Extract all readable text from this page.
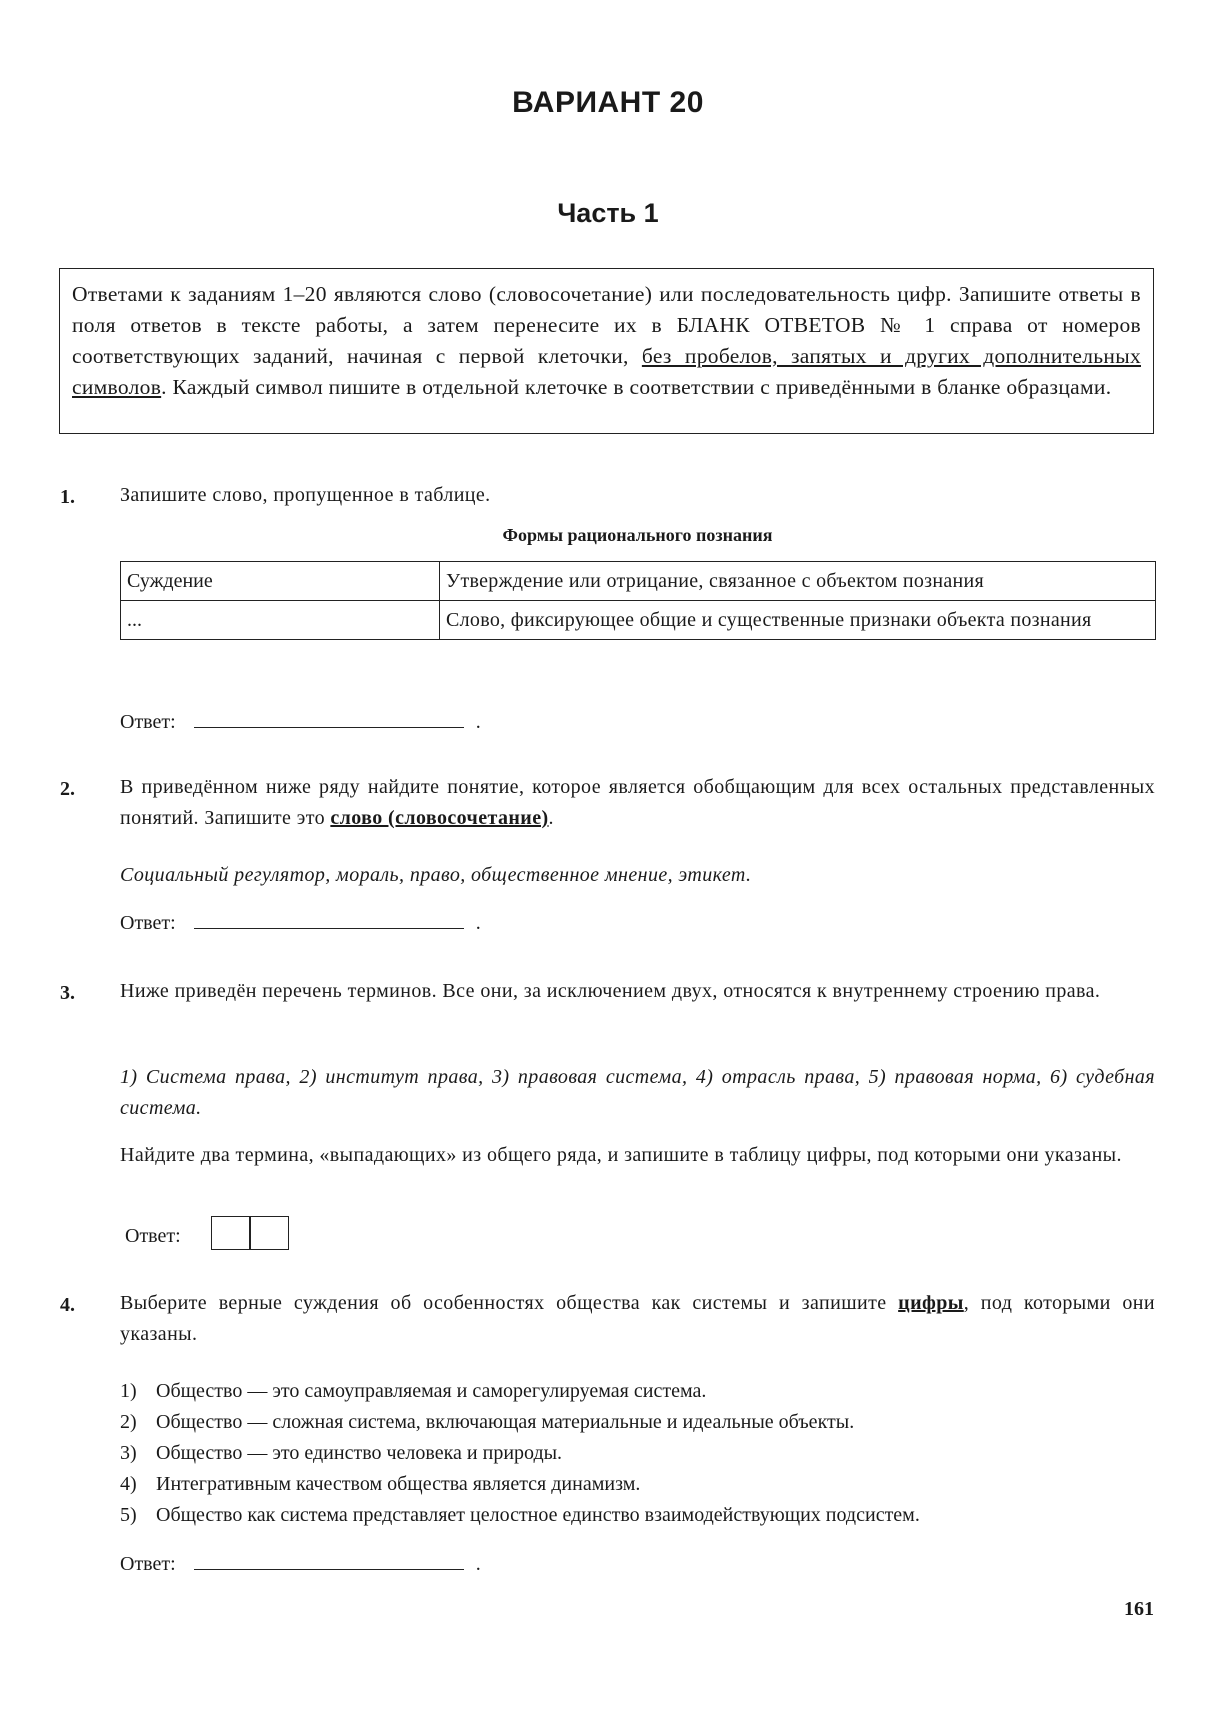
ВАРИАНТ 20
Часть 1
Ответами к заданиям 1–20 являются слово (словосочетание) или последовательность цифр. Запишите ответы в поля ответов в тексте работы, а затем перенесите их в БЛАНК ОТВЕТОВ № 1 справа от номеров соответствующих заданий, начиная с первой клеточки, без пробелов, запятых и других дополнительных символов. Каждый символ пишите в отдельной клеточке в соответствии с приведёнными в бланке образцами.
1. Запишите слово, пропущенное в таблице.
Формы рационального познания
Суждение	Утверждение или отрицание, связанное с объектом познания
...	Слово, фиксирующее общие и существенные признаки объекта познания
Ответ:	.
2. В приведённом ниже ряду найдите понятие, которое является обобщающим для всех остальных представленных понятий. Запишите это слово (словосочетание).
Социальный регулятор, мораль, право, общественное мнение, этикет.
Ответ:	.
3. Ниже приведён перечень терминов. Все они, за исключением двух, относятся к внутреннему строению права.
1) Система права, 2) институт права, 3) правовая система, 4) отрасль права, 5) правовая норма, 6) судебная система.
Найдите два термина, «выпадающих» из общего ряда, и запишите в таблицу цифры, под которыми они указаны.
Ответ:
4. Выберите верные суждения об особенностях общества как системы и запишите цифры, под которыми они указаны.
1) Общество — это самоуправляемая и саморегулируемая система.
2) Общество — сложная система, включающая материальные и идеальные объекты.
3) Общество — это единство человека и природы.
4) Интегративным качеством общества является динамизм.
5) Общество как система представляет целостное единство взаимодействующих подсистем.
Ответ:	.
161
